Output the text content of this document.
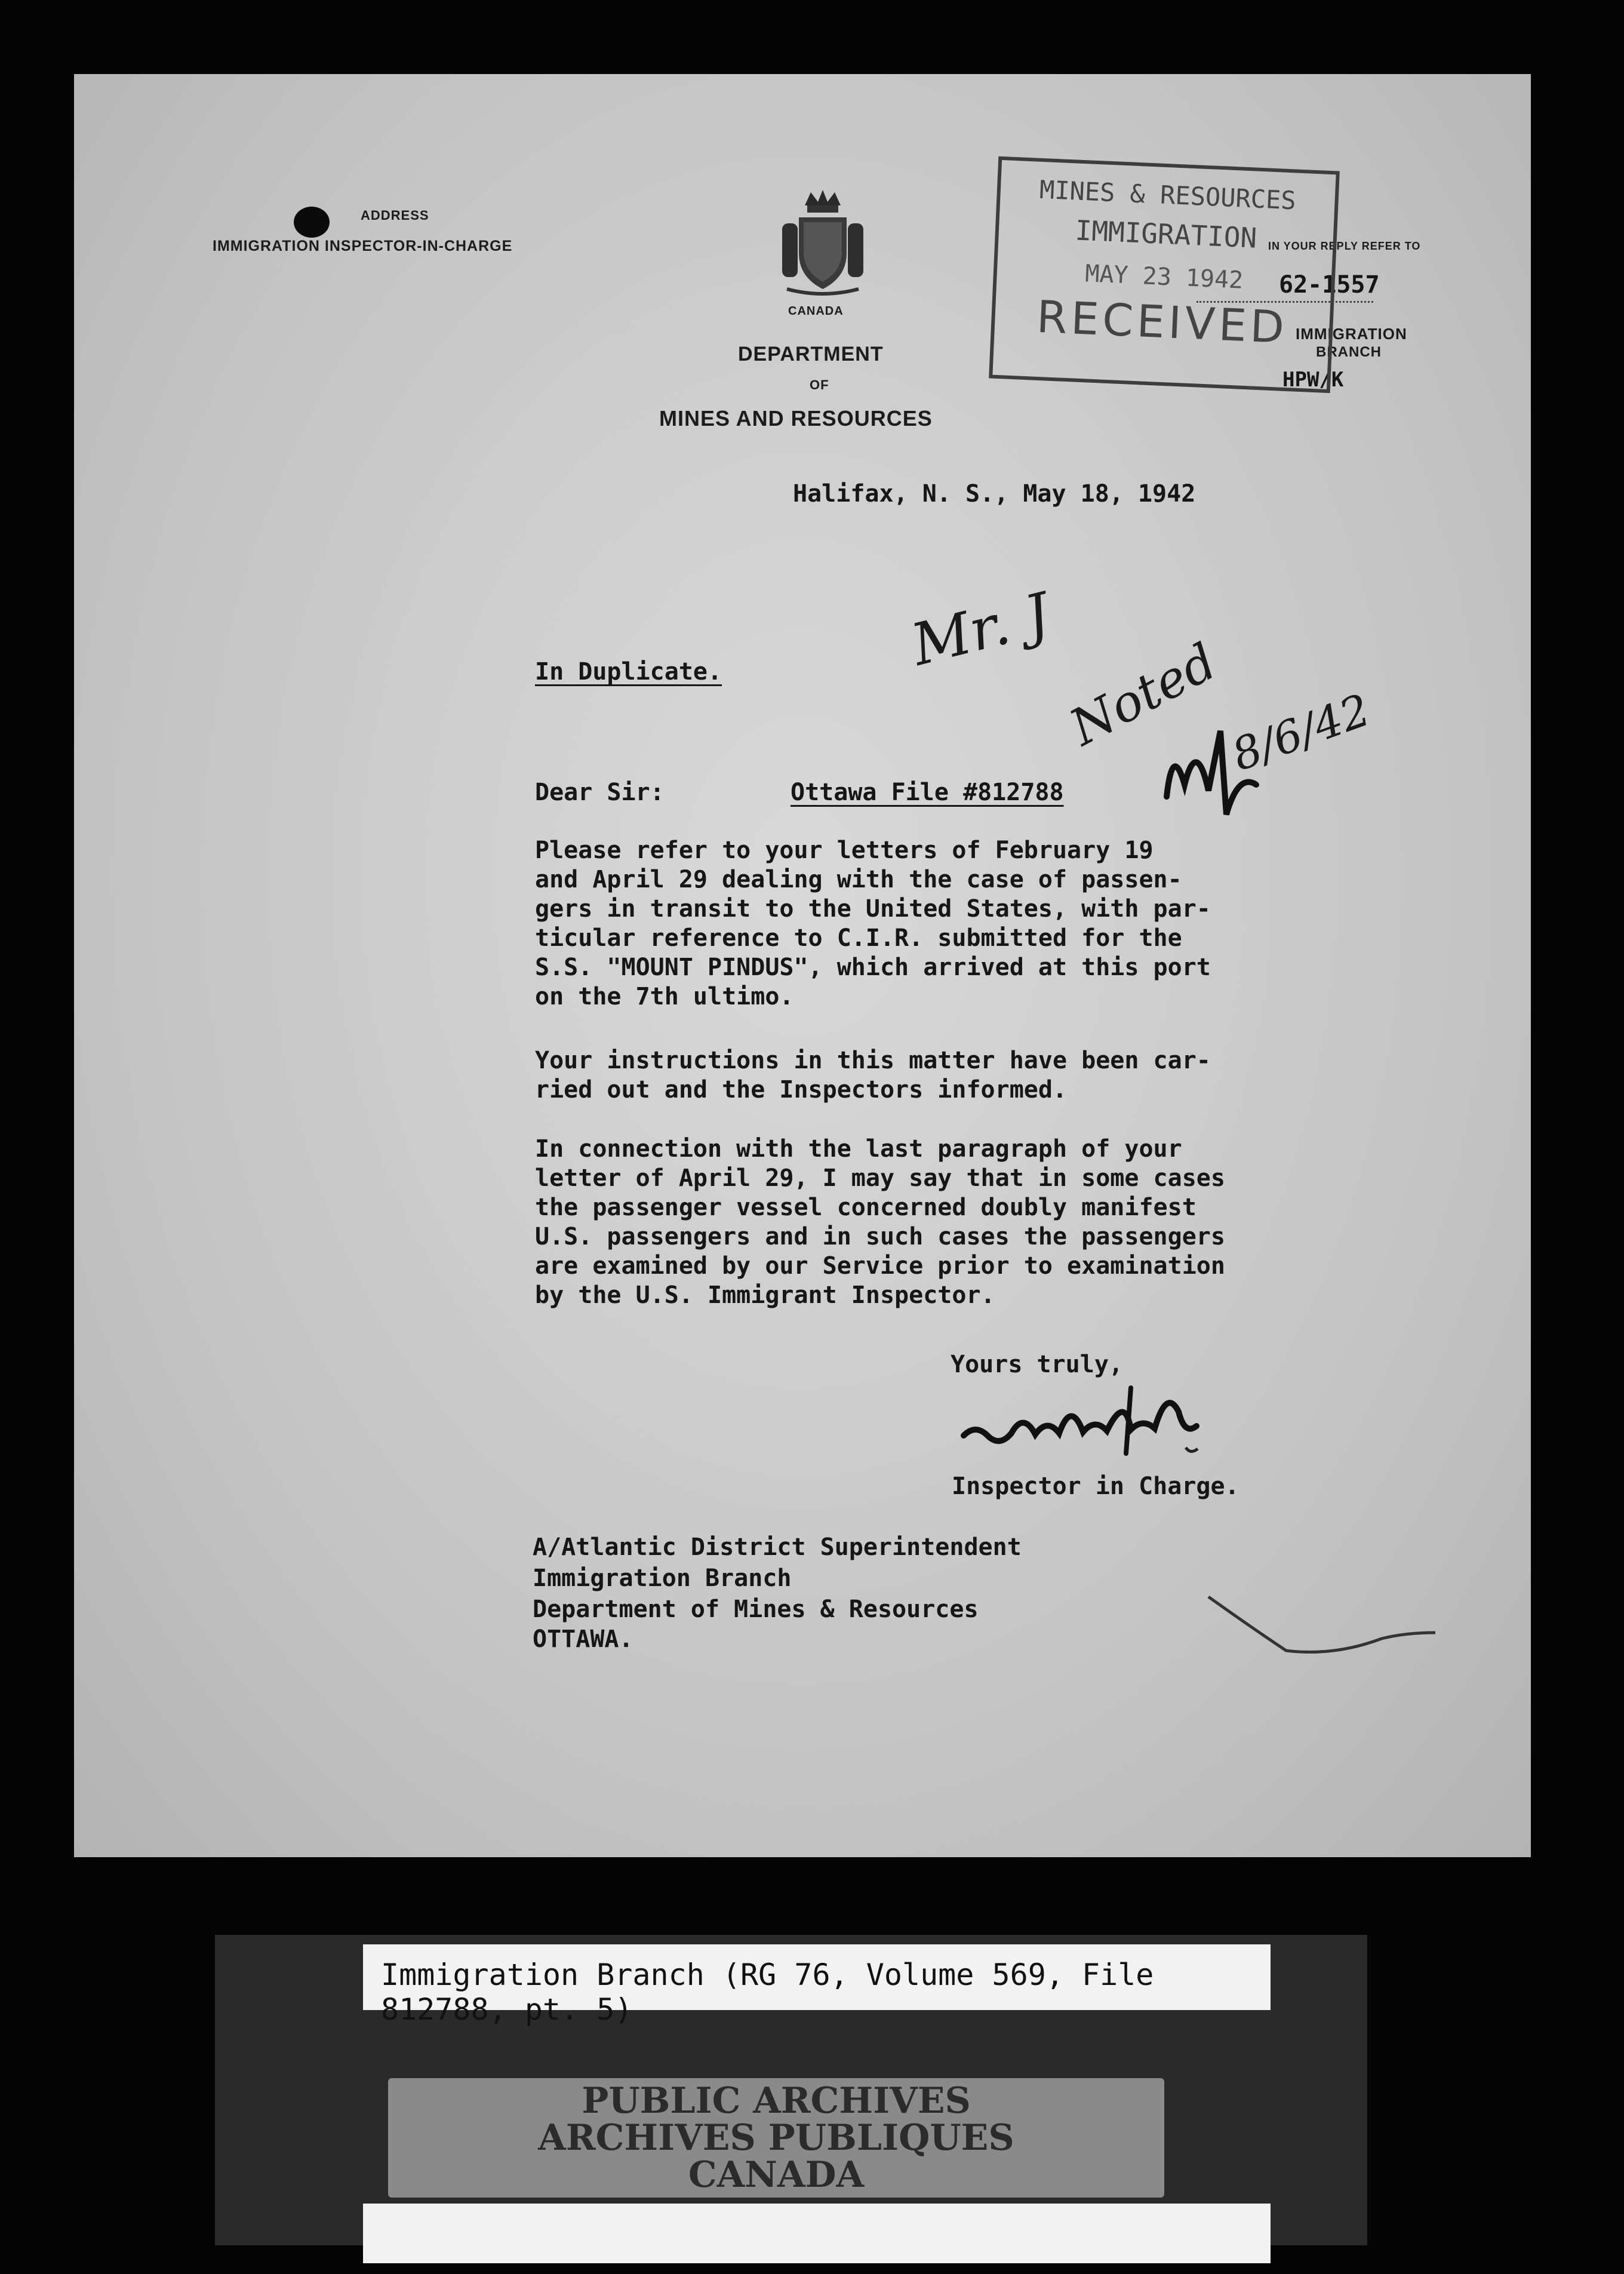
ADDRESS
IMMIGRATION INSPECTOR-IN-CHARGE
CANADA
DEPARTMENT
OF
MINES AND RESOURCES
IN YOUR REPLY REFER TO
62-1557
IMMIGRATION
BRANCH
HPW/K
MINES & RESOURCES
IMMIGRATION
MAY 23 1942
RECEIVED
Halifax, N. S., May 18, 1942
In Duplicate.
Dear Sir:	Ottawa File #812788
Please refer to your letters of February 19
and April 29 dealing with the case of passen-
gers in transit to the United States, with par-
ticular reference to C.I.R. submitted for the
S.S. "MOUNT PINDUS", which arrived at this port
on the 7th ultimo.
Your instructions in this matter have been car-
ried out and the Inspectors informed.
In connection with the last paragraph of your
letter of April 29, I may say that in some cases
the passenger vessel concerned doubly manifest
U.S. passengers and in such cases the passengers
are examined by our Service prior to examination
by the U.S. Immigrant Inspector.
Yours truly,
Inspector in Charge.
A/Atlantic District Superintendent
Immigration Branch
Department of Mines & Resources
OTTAWA.
Mr. J
Noted 8/6/42
Immigration Branch (RG 76, Volume 569, File 812788, pt. 5)
PUBLIC ARCHIVES
ARCHIVES PUBLIQUES
CANADA
